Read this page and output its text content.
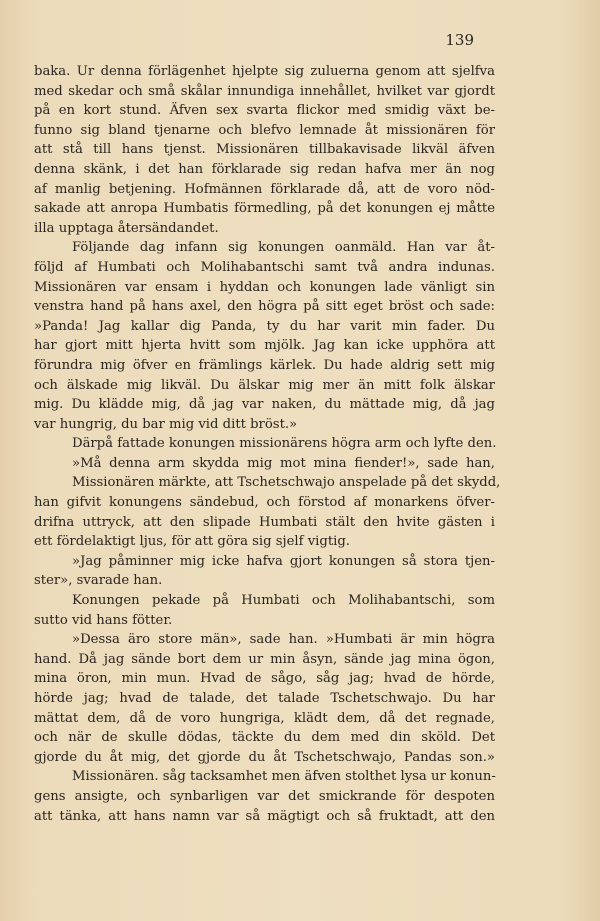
139
baka. Ur denna förlägenhet hjelpte sig zuluerna genom att sjelfva
med skedar och små skålar innundiga innehållet, hvilket var gjordt
på en kort stund. Äfven sex svarta flickor med smidig växt be-
funno sig bland tjenarne och blefvo lemnade åt missionären för
att stå till hans tjenst. Missionären tillbakavisade likväl äfven
denna skänk, i det han förklarade sig redan hafva mer än nog
af manlig betjening. Hofmännen förklarade då, att de voro nöd-
sakade att anropa Humbatis förmedling, på det konungen ej måtte
illa upptaga återsändandet.
Följande dag infann sig konungen oanmäld. Han var åt-
följd af Humbati och Molihabantschi samt två andra indunas.
Missionären var ensam i hyddan och konungen lade vänligt sin
venstra hand på hans axel, den högra på sitt eget bröst och sade:
»Panda! Jag kallar dig Panda, ty du har varit min fader. Du
har gjort mitt hjerta hvitt som mjölk. Jag kan icke upphöra att
förundra mig öfver en främlings kärlek. Du hade aldrig sett mig
och älskade mig likväl. Du älskar mig mer än mitt folk älskar
mig. Du klädde mig, då jag var naken, du mättade mig, då jag
var hungrig, du bar mig vid ditt bröst.»
Därpå fattade konungen missionärens högra arm och lyfte den.
»Må denna arm skydda mig mot mina fiender!», sade han,
Missionären märkte, att Tschetschwajo anspelade på det skydd,
han gifvit konungens sändebud, och förstod af monarkens öfver-
drifna uttryck, att den slipade Humbati stält den hvite gästen i
ett fördelaktigt ljus, för att göra sig sjelf vigtig.
»Jag påminner mig icke hafva gjort konungen så stora tjen-
ster», svarade han.
Konungen pekade på Humbati och Molihabantschi, som
sutto vid hans fötter.
»Dessa äro store män», sade han. »Humbati är min högra
hand. Då jag sände bort dem ur min åsyn, sände jag mina ögon,
mina öron, min mun. Hvad de sågo, såg jag; hvad de hörde,
hörde jag; hvad de talade, det talade Tschetschwajo. Du har
mättat dem, då de voro hungriga, klädt dem, då det regnade,
och när de skulle dödas, täckte du dem med din sköld. Det
gjorde du åt mig, det gjorde du åt Tschetschwajo, Pandas son.»
Missionären. såg tacksamhet men äfven stolthet lysa ur konun-
gens ansigte, och synbarligen var det smickrande för despoten
att tänka, att hans namn var så mägtigt och så fruktadt, att den
